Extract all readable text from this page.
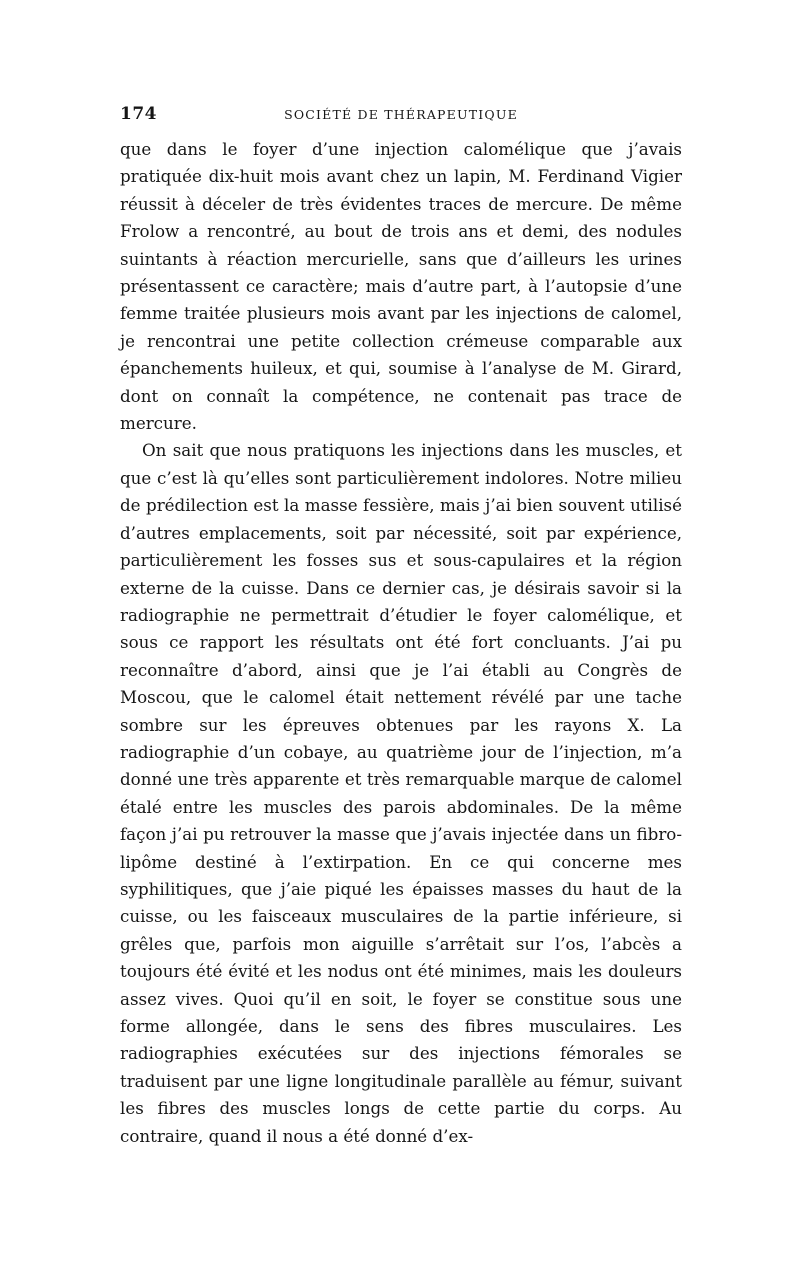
174	SOCIÉTÉ DE THÉRAPEUTIQUE

que dans le foyer d’une injection calomélique que j’avais pratiquée dix-huit mois avant chez un lapin, M. Ferdinand Vigier réussit à déceler de très évidentes traces de mercure. De même Frolow a rencontré, au bout de trois ans et demi, des nodules suintants à réaction mercurielle, sans que d’ailleurs les urines présentassent ce caractère; mais d’autre part, à l’autopsie d’une femme traitée plusieurs mois avant par les injections de calomel, je rencontrai une petite collection crémeuse comparable aux épanchements huileux, et qui, soumise à l’analyse de M. Girard, dont on connaît la compétence, ne contenait pas trace de mercure.

On sait que nous pratiquons les injections dans les muscles, et que c’est là qu’elles sont particulièrement indolores. Notre milieu de prédilection est la masse fessière, mais j’ai bien souvent utilisé d’autres emplacements, soit par nécessité, soit par expérience, particulièrement les fosses sus et sous-capulaires et la région externe de la cuisse. Dans ce dernier cas, je désirais savoir si la radiographie ne permettrait d’étudier le foyer calomélique, et sous ce rapport les résultats ont été fort concluants. J’ai pu reconnaître d’abord, ainsi que je l’ai établi au Congrès de Moscou, que le calomel était nettement révélé par une tache sombre sur les épreuves obtenues par les rayons X. La radiographie d’un cobaye, au quatrième jour de l’injection, m’a donné une très apparente et très remarquable marque de calomel étalé entre les muscles des parois abdominales. De la même façon j’ai pu retrouver la masse que j’avais injectée dans un fibro-lipôme destiné à l’extirpation. En ce qui concerne mes syphilitiques, que j’aie piqué les épaisses masses du haut de la cuisse, ou les faisceaux musculaires de la partie inférieure, si grêles que, parfois mon aiguille s’arrêtait sur l’os, l’abcès a toujours été évité et les nodus ont été minimes, mais les douleurs assez vives. Quoi qu’il en soit, le foyer se constitue sous une forme allongée, dans le sens des fibres musculaires. Les radiographies exécutées sur des injections fémorales se traduisent par une ligne longitudinale parallèle au fémur, suivant les fibres des muscles longs de cette partie du corps. Au contraire, quand il nous a été donné d’ex-
